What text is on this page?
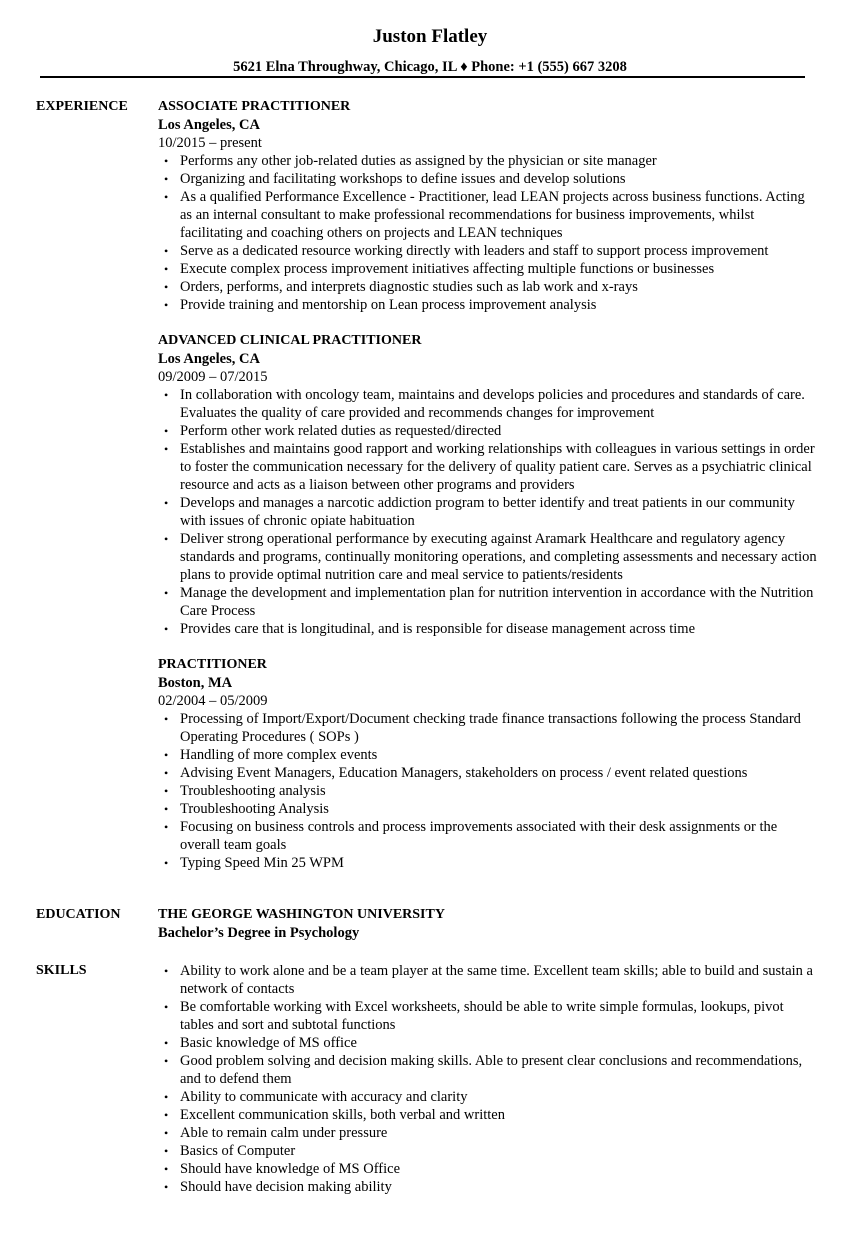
Juston Flatley
5621 Elna Throughway, Chicago, IL ♦ Phone: +1 (555) 667 3208
EXPERIENCE ASSOCIATE PRACTITIONER
Los Angeles, CA
10/2015 – present
• Performs any other job-related duties as assigned by the physician or site manager
• Organizing and facilitating workshops to define issues and develop solutions
• As a qualified Performance Excellence - Practitioner, lead LEAN projects across business functions. Acting as an internal consultant to make professional recommendations for business improvements, whilst facilitating and coaching others on projects and LEAN techniques
• Serve as a dedicated resource working directly with leaders and staff to support process improvement
• Execute complex process improvement initiatives affecting multiple functions or businesses
• Orders, performs, and interprets diagnostic studies such as lab work and x-rays
• Provide training and mentorship on Lean process improvement analysis
ADVANCED CLINICAL PRACTITIONER
Los Angeles, CA
09/2009 – 07/2015
• In collaboration with oncology team, maintains and develops policies and procedures and standards of care. Evaluates the quality of care provided and recommends changes for improvement
• Perform other work related duties as requested/directed
• Establishes and maintains good rapport and working relationships with colleagues in various settings in order to foster the communication necessary for the delivery of quality patient care. Serves as a psychiatric clinical resource and acts as a liaison between other programs and providers
• Develops and manages a narcotic addiction program to better identify and treat patients in our community with issues of chronic opiate habituation
• Deliver strong operational performance by executing against Aramark Healthcare and regulatory agency standards and programs, continually monitoring operations, and completing assessments and necessary action plans to provide optimal nutrition care and meal service to patients/residents
• Manage the development and implementation plan for nutrition intervention in accordance with the Nutrition Care Process
• Provides care that is longitudinal, and is responsible for disease management across time
PRACTITIONER
Boston, MA
02/2004 – 05/2009
• Processing of Import/Export/Document checking trade finance transactions following the process Standard Operating Procedures ( SOPs )
• Handling of more complex events
• Advising Event Managers, Education Managers, stakeholders on process / event related questions
• Troubleshooting analysis
• Troubleshooting Analysis
• Focusing on business controls and process improvements associated with their desk assignments or the overall team goals
• Typing Speed Min 25 WPM
EDUCATION	THE GEORGE WASHINGTON UNIVERSITY
Bachelor’s Degree in Psychology
SKILLS	• Ability to work alone and be a team player at the same time. Excellent team skills; able to build and sustain a network of contacts
• Be comfortable working with Excel worksheets, should be able to write simple formulas, lookups, pivot tables and sort and subtotal functions
• Basic knowledge of MS office
• Good problem solving and decision making skills. Able to present clear conclusions and recommendations, and to defend them
• Ability to communicate with accuracy and clarity
• Excellent communication skills, both verbal and written
• Able to remain calm under pressure
• Basics of Computer
• Should have knowledge of MS Office
• Should have decision making ability
